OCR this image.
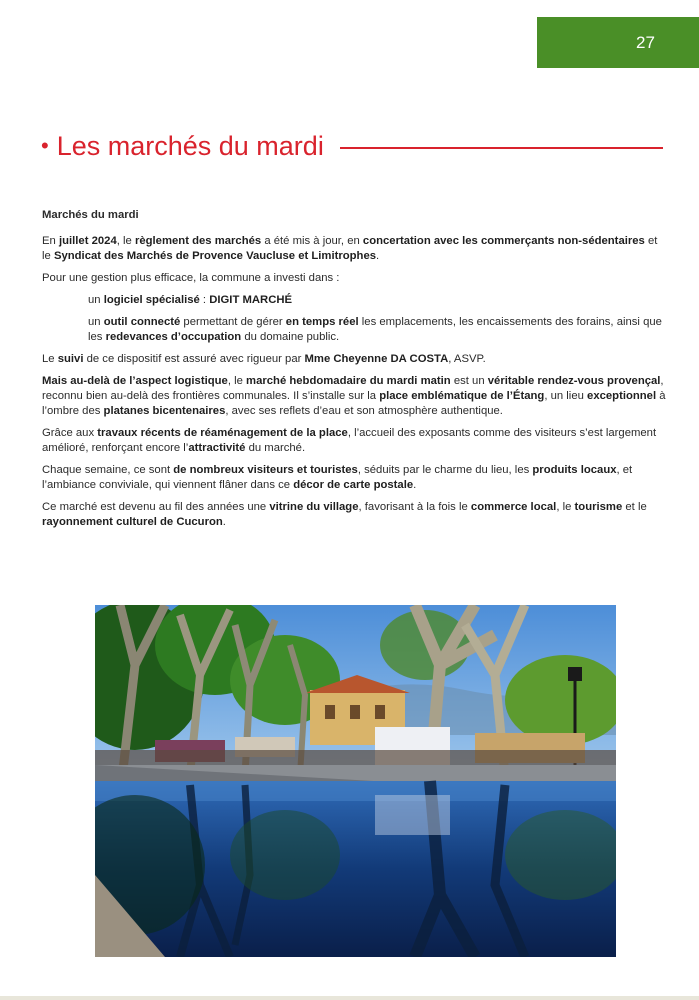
27
• Les marchés du mardi

Marchés du mardi

En juillet 2024, le règlement des marchés a été mis à jour, en concertation avec les commerçants non-sédentaires et le Syndicat des Marchés de Provence Vaucluse et Limitrophes.

Pour une gestion plus efficace, la commune a investi dans :

un logiciel spécialisé : DIGIT MARCHÉ

un outil connecté permettant de gérer en temps réel les emplacements, les encaissements des forains, ainsi que les redevances d’occupation du domaine public.

Le suivi de ce dispositif est assuré avec rigueur par Mme Cheyenne DA COSTA, ASVP.

Mais au-delà de l’aspect logistique, le marché hebdomadaire du mardi matin est un véritable rendez-vous provençal, reconnu bien au-delà des frontières communales. Il s’installe sur la place emblématique de l’Étang, un lieu exceptionnel à l’ombre des platanes bicentenaires, avec ses reflets d’eau et son atmosphère authentique.

Grâce aux travaux récents de réaménagement de la place, l’accueil des exposants comme des visiteurs s’est largement amélioré, renforçant encore l’attractivité du marché.

Chaque semaine, ce sont de nombreux visiteurs et touristes, séduits par le charme du lieu, les produits locaux, et l’ambiance conviviale, qui viennent flâner dans ce décor de carte postale.

Ce marché est devenu au fil des années une vitrine du village, favorisant à la fois le commerce local, le tourisme et le rayonnement culturel de Cucuron.
